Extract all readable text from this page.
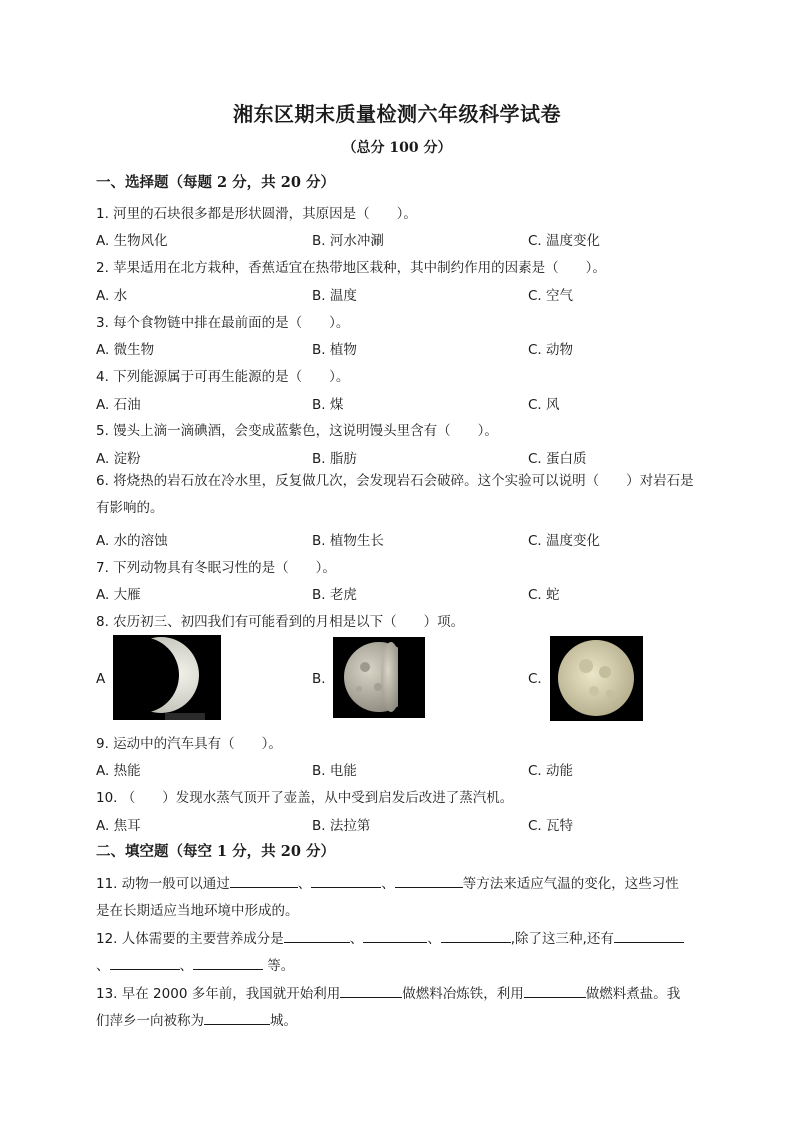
湘东区期末质量检测六年级科学试卷
（总分 100 分）
一、选择题（每题 2 分，共 20 分）
1. 河里的石块很多都是形状圆滑，其原因是（　　）。
A. 生物风化	B. 河水冲涮	C. 温度变化
2. 苹果适用在北方栽种，香蕉适宜在热带地区栽种，其中制约作用的因素是（　　）。
A. 水	B. 温度	C. 空气
3. 每个食物链中排在最前面的是（　　）。
A. 微生物	B. 植物	C. 动物
4. 下列能源属于可再生能源的是（　　）。
A. 石油	B. 煤	C. 风
5. 馒头上滴一滴碘酒，会变成蓝紫色，这说明馒头里含有（　　）。
A. 淀粉	B. 脂肪	C. 蛋白质
6. 将烧热的岩石放在冷水里，反复做几次，会发现岩石会破碎。这个实验可以说明（　　）对岩石是有影响的。
A. 水的溶蚀	B. 植物生长	C. 温度变化
7. 下列动物具有冬眠习性的是（　　）。
A. 大雁	B. 老虎	C. 蛇
8. 农历初三、初四我们有可能看到的月相是以下（　　）项。
A	B.	C.
9. 运动中的汽车具有（　　）。
A. 热能	B. 电能	C. 动能
10. （　　）发现水蒸气顶开了壶盖，从中受到启发后改进了蒸汽机。
A. 焦耳	B. 法拉第	C. 瓦特
二、填空题（每空 1 分，共 20 分）
11. 动物一般可以通过	、	、	等方法来适应气温的变化，这些习性
是在长期适应当地环境中形成的。
12. 人体需要的主要营养成分是	、	、	,除了这三种,还有
、	、	等。
13. 早在 2000 多年前，我国就开始利用	做燃料冶炼铁，利用	做燃料煮盐。我
们萍乡一向被称为	城。
